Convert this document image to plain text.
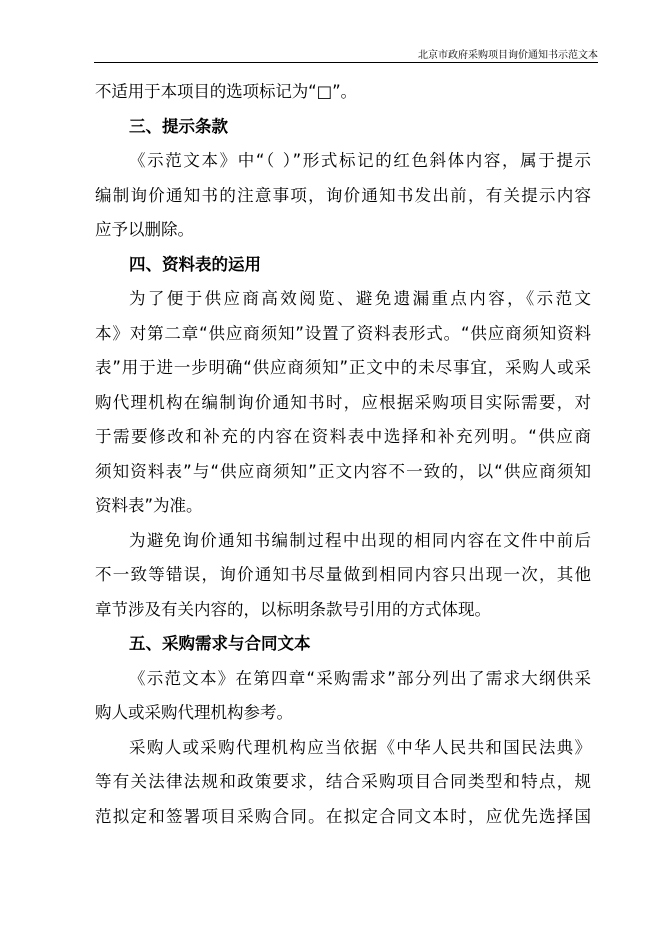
北京市政府采购项目询价通知书示范文本
不适用于本项目的选项标记为“□”。
三、提示条款
《示范文本》中“（ ）”形式标记的红色斜体内容，属于提示
编制询价通知书的注意事项，询价通知书发出前，有关提示内容
应予以删除。
四、资料表的运用
为了便于供应商高效阅览、避免遗漏重点内容，《示范文
本》对第二章“供应商须知”设置了资料表形式。“供应商须知资料
表”用于进一步明确“供应商须知”正文中的未尽事宜，采购人或采
购代理机构在编制询价通知书时，应根据采购项目实际需要，对
于需要修改和补充的内容在资料表中选择和补充列明。“供应商
须知资料表”与“供应商须知”正文内容不一致的，以“供应商须知
资料表”为准。
为避免询价通知书编制过程中出现的相同内容在文件中前后
不一致等错误，询价通知书尽量做到相同内容只出现一次，其他
章节涉及有关内容的，以标明条款号引用的方式体现。
五、采购需求与合同文本
《示范文本》在第四章“采购需求”部分列出了需求大纲供采
购人或采购代理机构参考。
采购人或采购代理机构应当依据《中华人民共和国民法典》
等有关法律法规和政策要求，结合采购项目合同类型和特点，规
范拟定和签署项目采购合同。在拟定合同文本时，应优先选择国
